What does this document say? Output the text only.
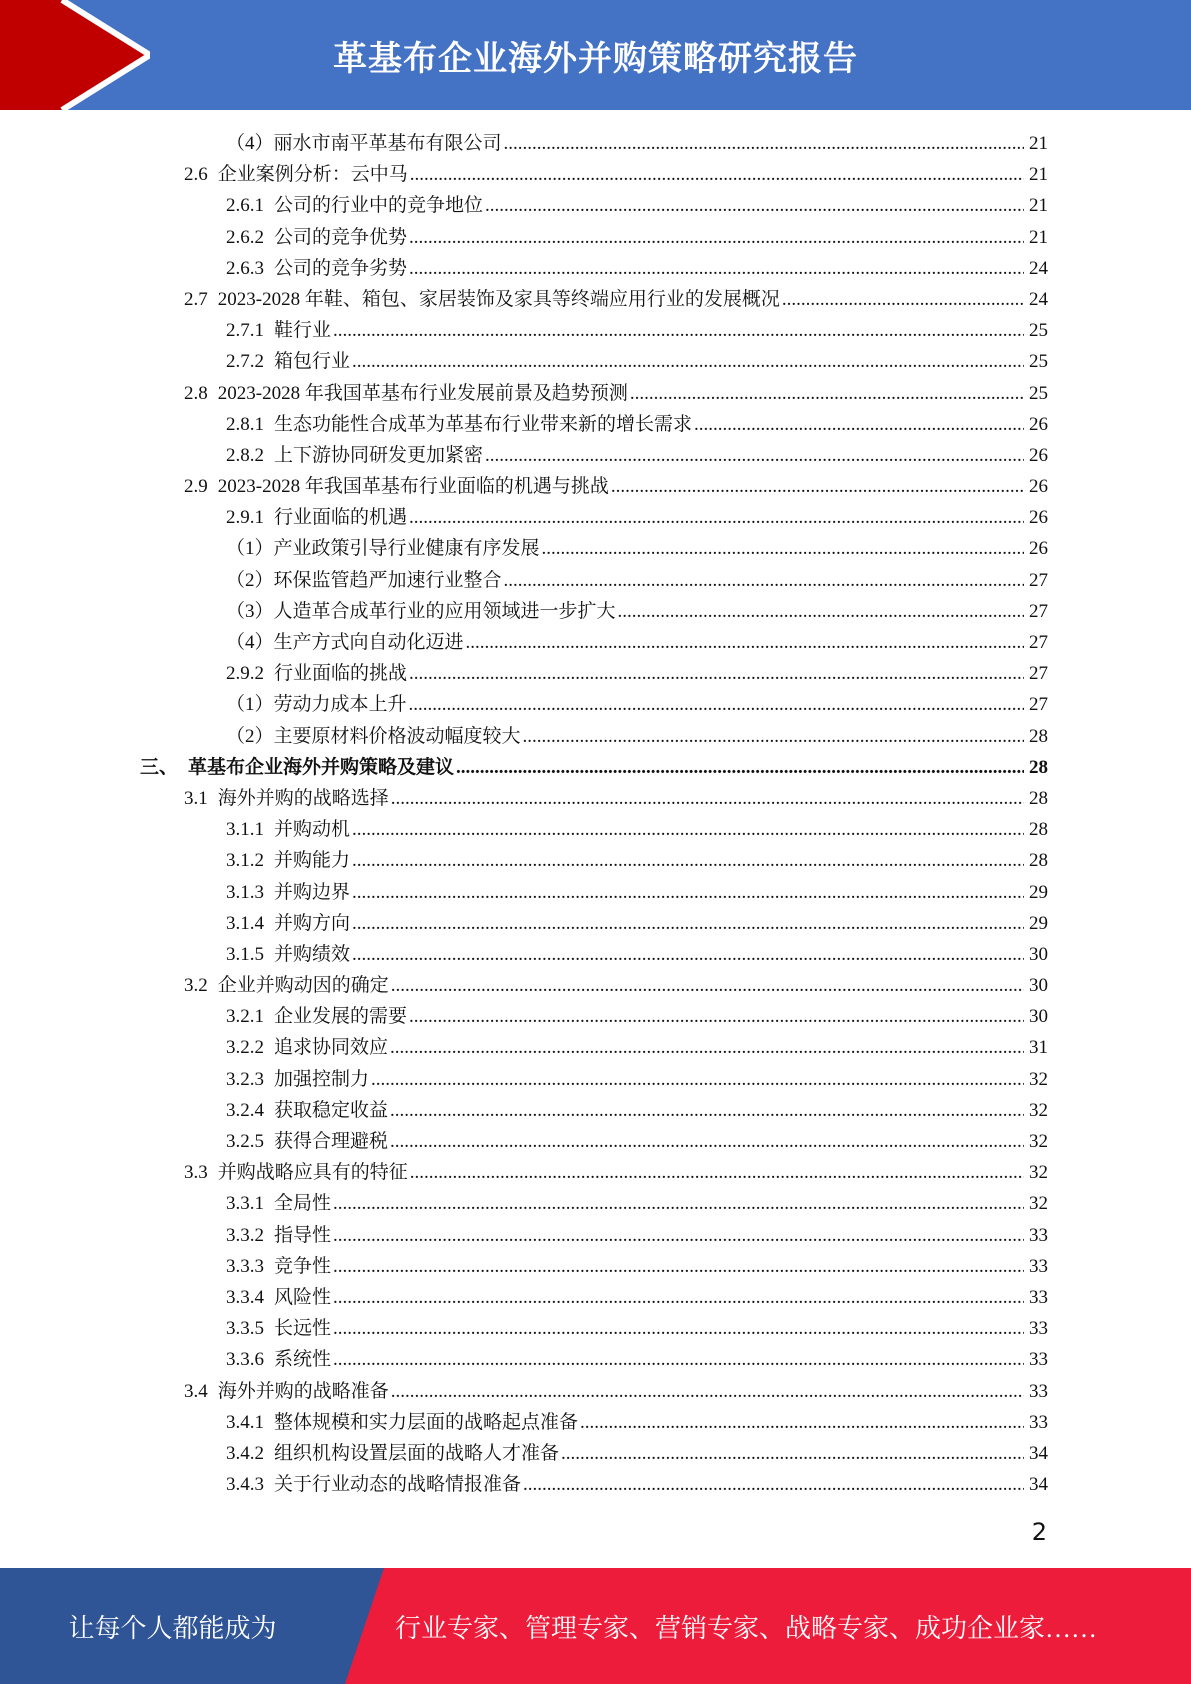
革基布企业海外并购策略研究报告
（4） 丽水市南平革基布有限公司 .....	21
2.6 企业案例分析：云中马 .....	21
2.6.1 公司的行业中的竞争地位 .....	21
2.6.2 公司的竞争优势 .....	21
2.6.3 公司的竞争劣势 .....	24
2.7 2023-2028 年鞋、箱包、家居装饰及家具等终端应用行业的发展概况 .....	24
2.7.1 鞋行业 .....	25
2.7.2 箱包行业 .....	25
2.8 2023-2028 年我国革基布行业发展前景及趋势预测 .....	25
2.8.1 生态功能性合成革为革基布行业带来新的增长需求 .....	26
2.8.2 上下游协同研发更加紧密 .....	26
2.9 2023-2028 年我国革基布行业面临的机遇与挑战 .....	26
2.9.1 行业面临的机遇 .....	26
（1） 产业政策引导行业健康有序发展 .....	26
（2） 环保监管趋严加速行业整合 .....	27
（3） 人造革合成革行业的应用领域进一步扩大 .....	27
（4） 生产方式向自动化迈进 .....	27
2.9.2 行业面临的挑战 .....	27
（1） 劳动力成本上升 .....	27
（2） 主要原材料价格波动幅度较大 .....	28
三、 革基布企业海外并购策略及建议 .....	28
3.1 海外并购的战略选择 .....	28
3.1.1 并购动机 .....	28
3.1.2 并购能力 .....	28
3.1.3 并购边界 .....	29
3.1.4 并购方向 .....	29
3.1.5 并购绩效 .....	30
3.2 企业并购动因的确定 .....	30
3.2.1 企业发展的需要 .....	30
3.2.2 追求协同效应 .....	31
3.2.3 加强控制力 .....	32
3.2.4 获取稳定收益 .....	32
3.2.5 获得合理避税 .....	32
3.3 并购战略应具有的特征 .....	32
3.3.1 全局性 .....	32
3.3.2 指导性 .....	33
3.3.3 竞争性 .....	33
3.3.4 风险性 .....	33
3.3.5 长远性 .....	33
3.3.6 系统性 .....	33
3.4 海外并购的战略准备 .....	33
3.4.1 整体规模和实力层面的战略起点准备 .....	33
3.4.2 组织机构设置层面的战略人才准备 .....	34
3.4.3 关于行业动态的战略情报准备 .....	34
2
让每个人都能成为	行业专家、管理专家、营销专家、战略专家、成功企业家……
